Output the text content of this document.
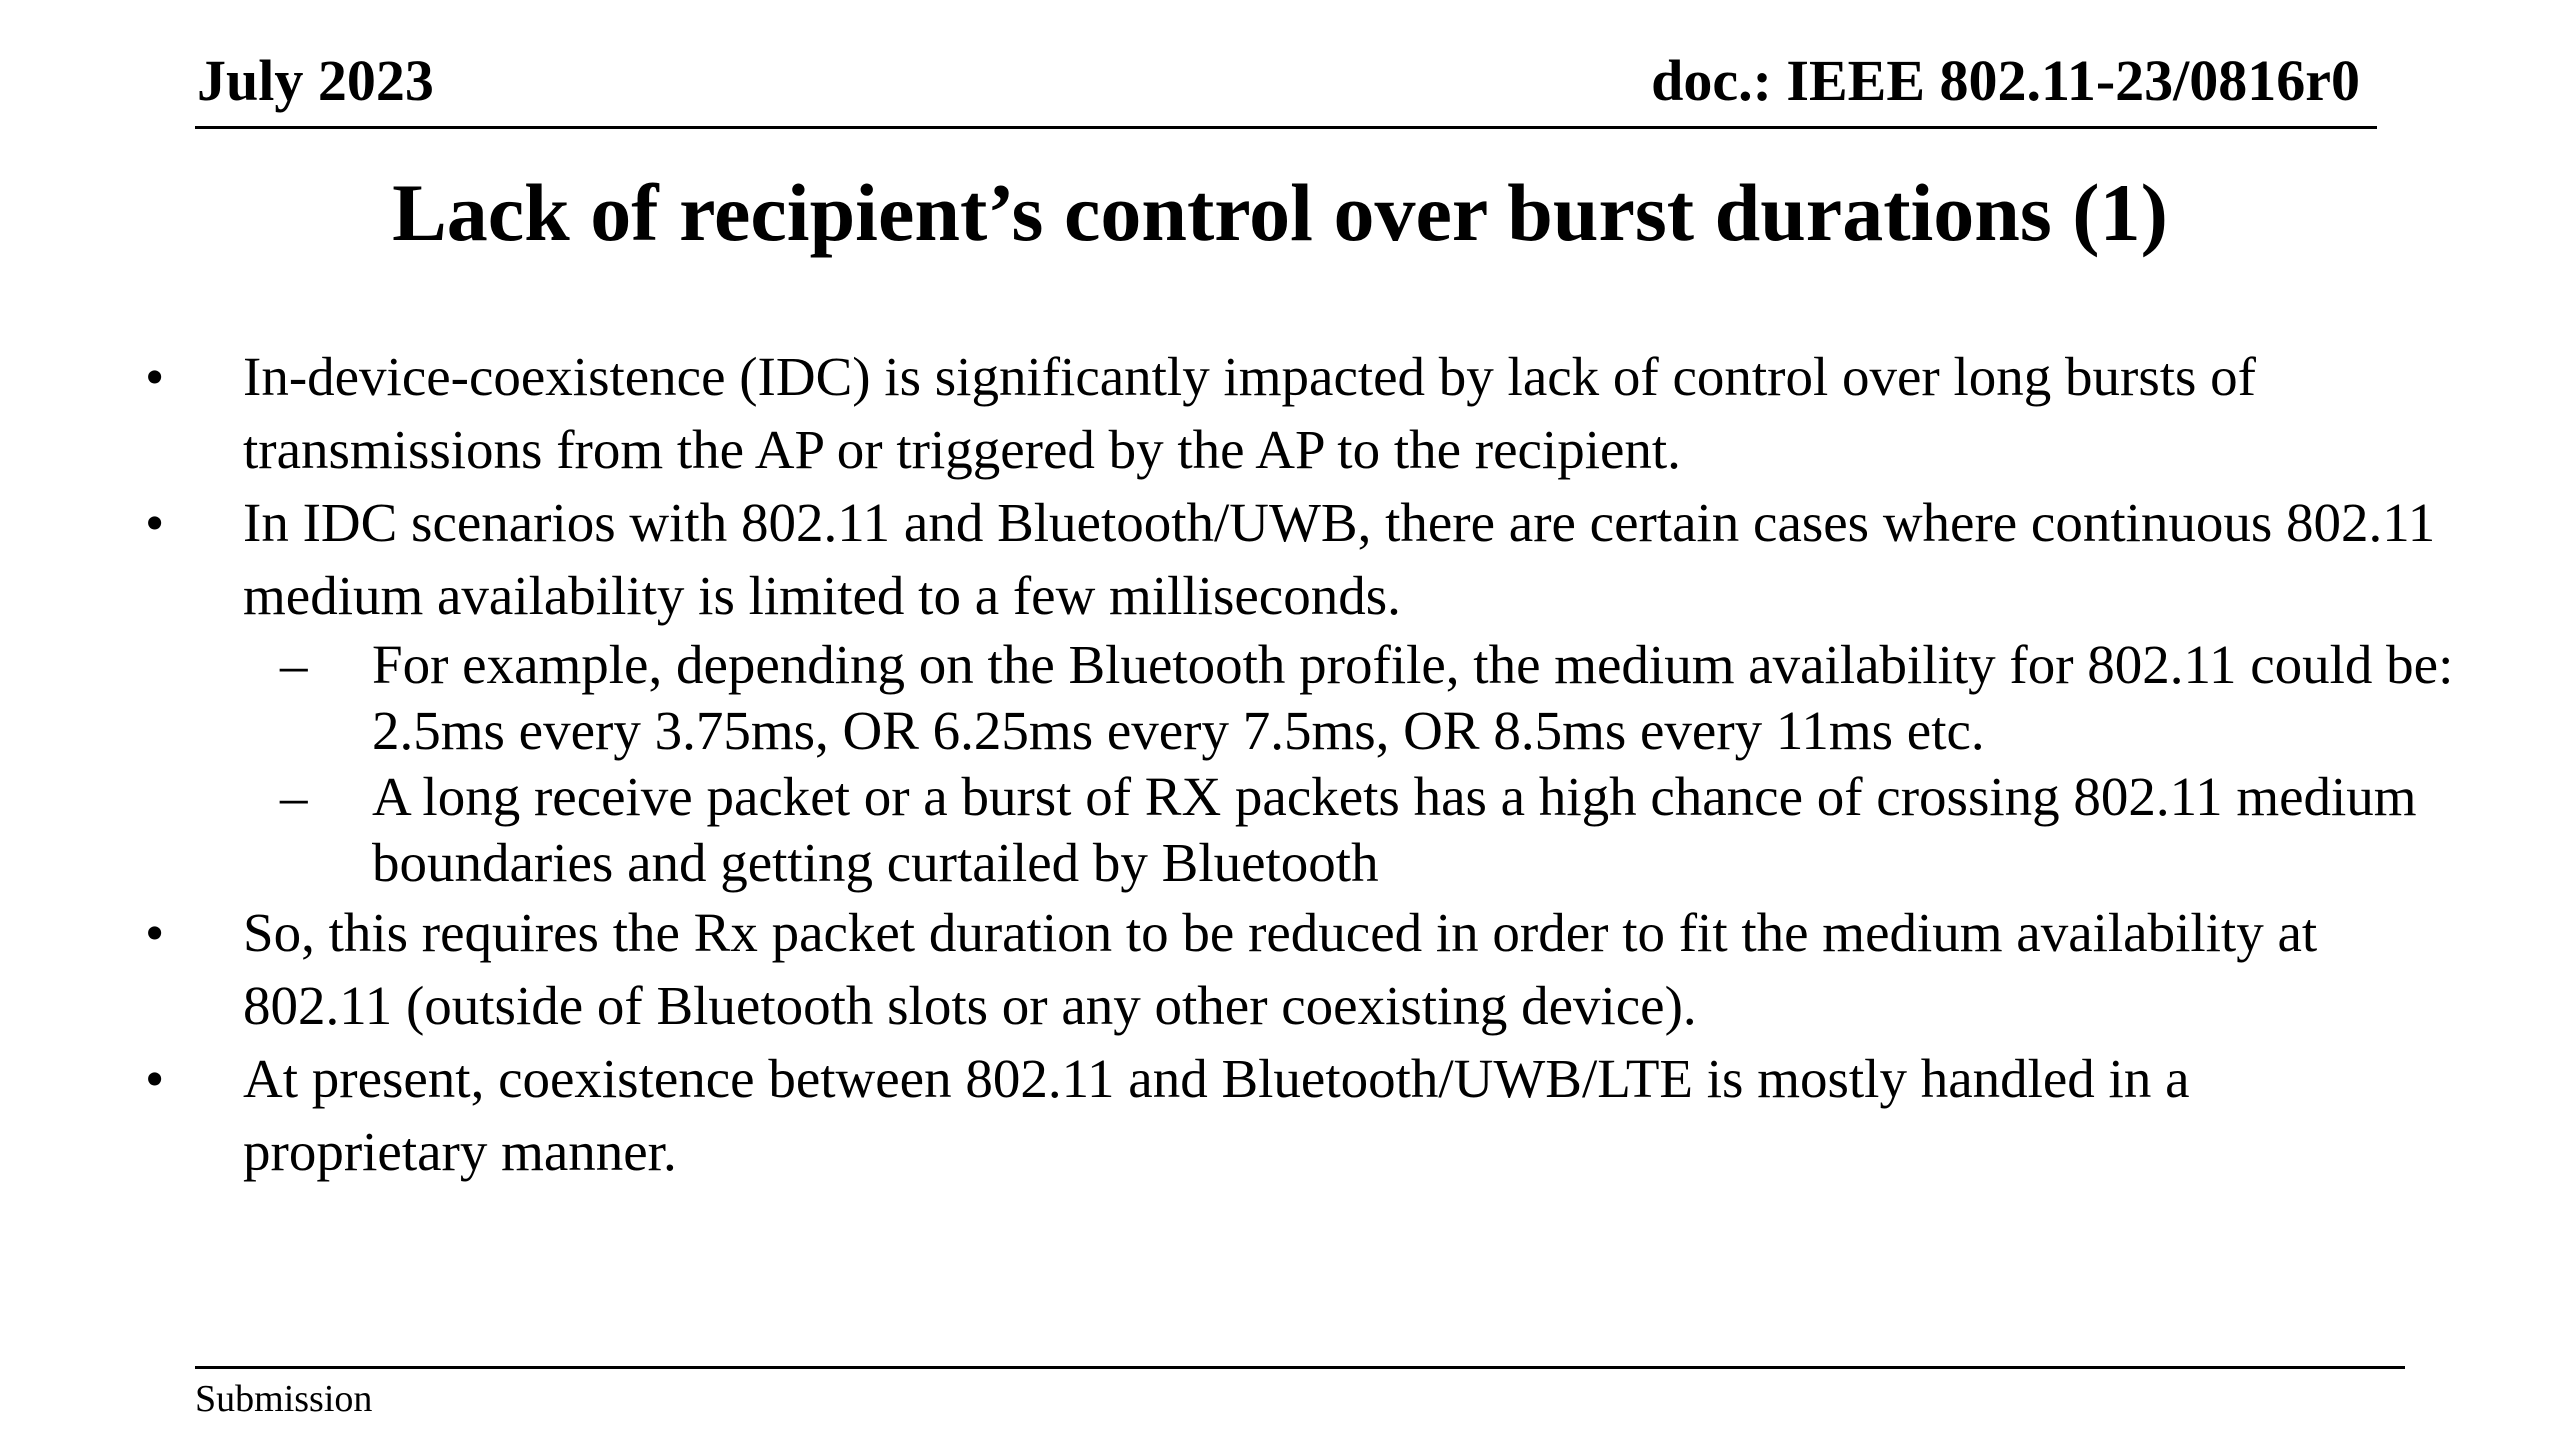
July 2023	doc.: IEEE 802.11-23/0816r0
Lack of recipient’s control over burst durations (1)
• In-device-coexistence (IDC) is significantly impacted by lack of control over long bursts of transmissions from the AP or triggered by the AP to the recipient.
• In IDC scenarios with 802.11 and Bluetooth/UWB, there are certain cases where continuous 802.11 medium availability is limited to a few milliseconds.
– For example, depending on the Bluetooth profile, the medium availability for 802.11 could be: 2.5ms every 3.75ms, OR 6.25ms every 7.5ms, OR 8.5ms every 11ms etc.
– A long receive packet or a burst of RX packets has a high chance of crossing 802.11 medium boundaries and getting curtailed by Bluetooth
• So, this requires the Rx packet duration to be reduced in order to fit the medium availability at 802.11 (outside of Bluetooth slots or any other coexisting device).
• At present, coexistence between 802.11 and Bluetooth/UWB/LTE is mostly handled in a proprietary manner.
Submission
